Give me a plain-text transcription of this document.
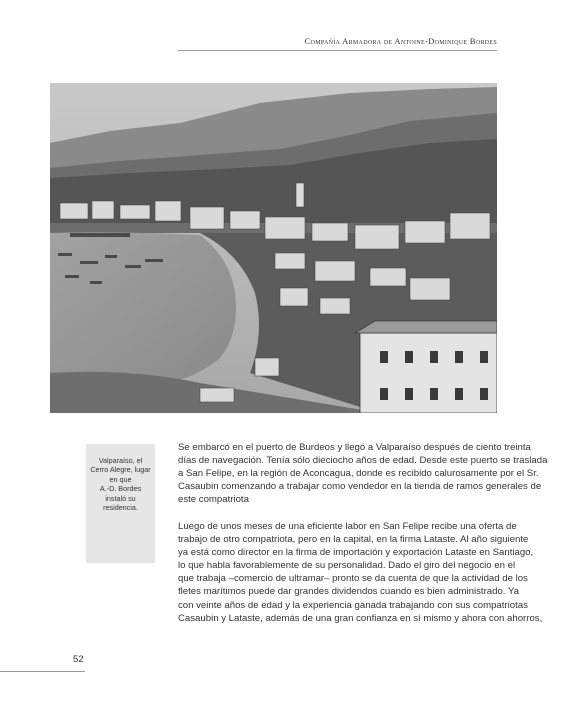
Compañía Armadora de Antoine-Dominique Bordes
Valparaíso, el
Cerro Alegre, lugar
en que
A.-D. Bordes
instaló su
residencia.
Se embarcó en el puerto de Burdeos y llegó a Valparaíso después de ciento treinta
días de navegación. Tenía sólo dieciocho años de edad. Desde este puerto se traslada
a San Felipe, en la región de Aconcagua, donde es recibido calurosamente por el Sr.
Casaubin comenzando a trabajar como vendedor en la tienda de ramos generales de
este compatriota
Luego de unos meses de una eficiente labor en San Felipe recibe una oferta de
trabajo de otro compatriota, pero en la capital, en la firma Lataste. Al año siguiente
ya está como director en la firma de importación y exportación Lataste en Santiago,
lo que habla favorablemente de su personalidad. Dado el giro del negocio en el
que trabaja –comercio de ultramar– pronto se da cuenta de que la actividad de los
fletes marítimos puede dar grandes dividendos cuando es bien administrado. Ya
con veinte años de edad y la experiencia ganada trabajando con sus compatriotas
Casaubin y Lataste, además de una gran confianza en sí mismo y ahora con ahorros,
52
